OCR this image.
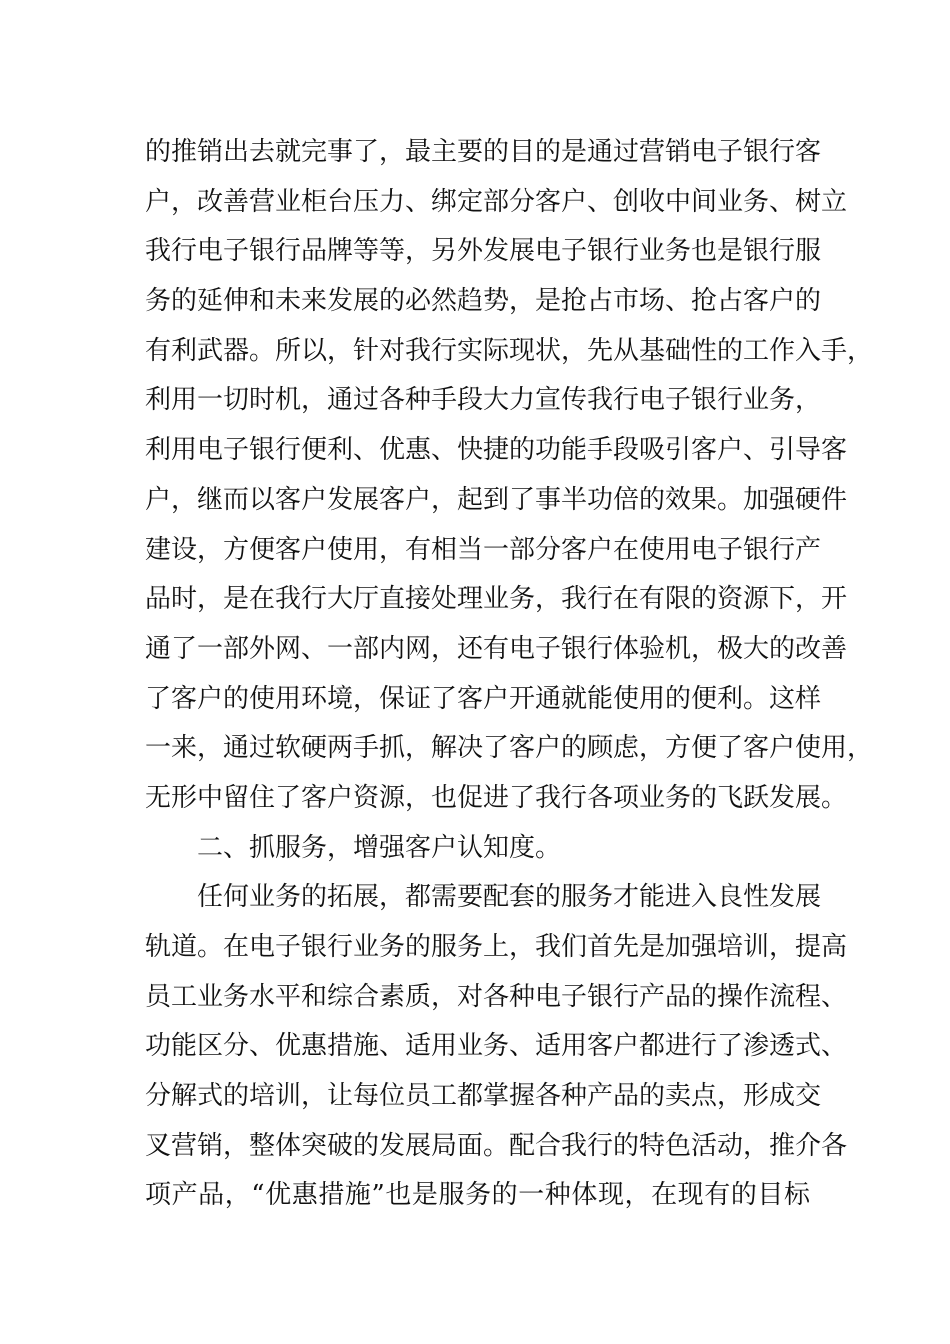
的推销出去就完事了，最主要的目的是通过营销电子银行客
户，改善营业柜台压力、绑定部分客户、创收中间业务、树立
我行电子银行品牌等等，另外发展电子银行业务也是银行服
务的延伸和未来发展的必然趋势，是抢占市场、抢占客户的
有利武器。所以，针对我行实际现状，先从基础性的工作入手，
利用一切时机，通过各种手段大力宣传我行电子银行业务，
利用电子银行便利、优惠、快捷的功能手段吸引客户、引导客
户，继而以客户发展客户，起到了事半功倍的效果。加强硬件
建设，方便客户使用，有相当一部分客户在使用电子银行产
品时，是在我行大厅直接处理业务，我行在有限的资源下，开
通了一部外网、一部内网，还有电子银行体验机，极大的改善
了客户的使用环境，保证了客户开通就能使用的便利。这样
一来，通过软硬两手抓，解决了客户的顾虑，方便了客户使用，
无形中留住了客户资源，也促进了我行各项业务的飞跃发展。
二、抓服务，增强客户认知度。
任何业务的拓展，都需要配套的服务才能进入良性发展
轨道。在电子银行业务的服务上，我们首先是加强培训，提高
员工业务水平和综合素质，对各种电子银行产品的操作流程、
功能区分、优惠措施、适用业务、适用客户都进行了渗透式、
分解式的培训，让每位员工都掌握各种产品的卖点，形成交
叉营销，整体突破的发展局面。配合我行的特色活动，推介各
项产品，“优惠措施”也是服务的一种体现，在现有的目标
